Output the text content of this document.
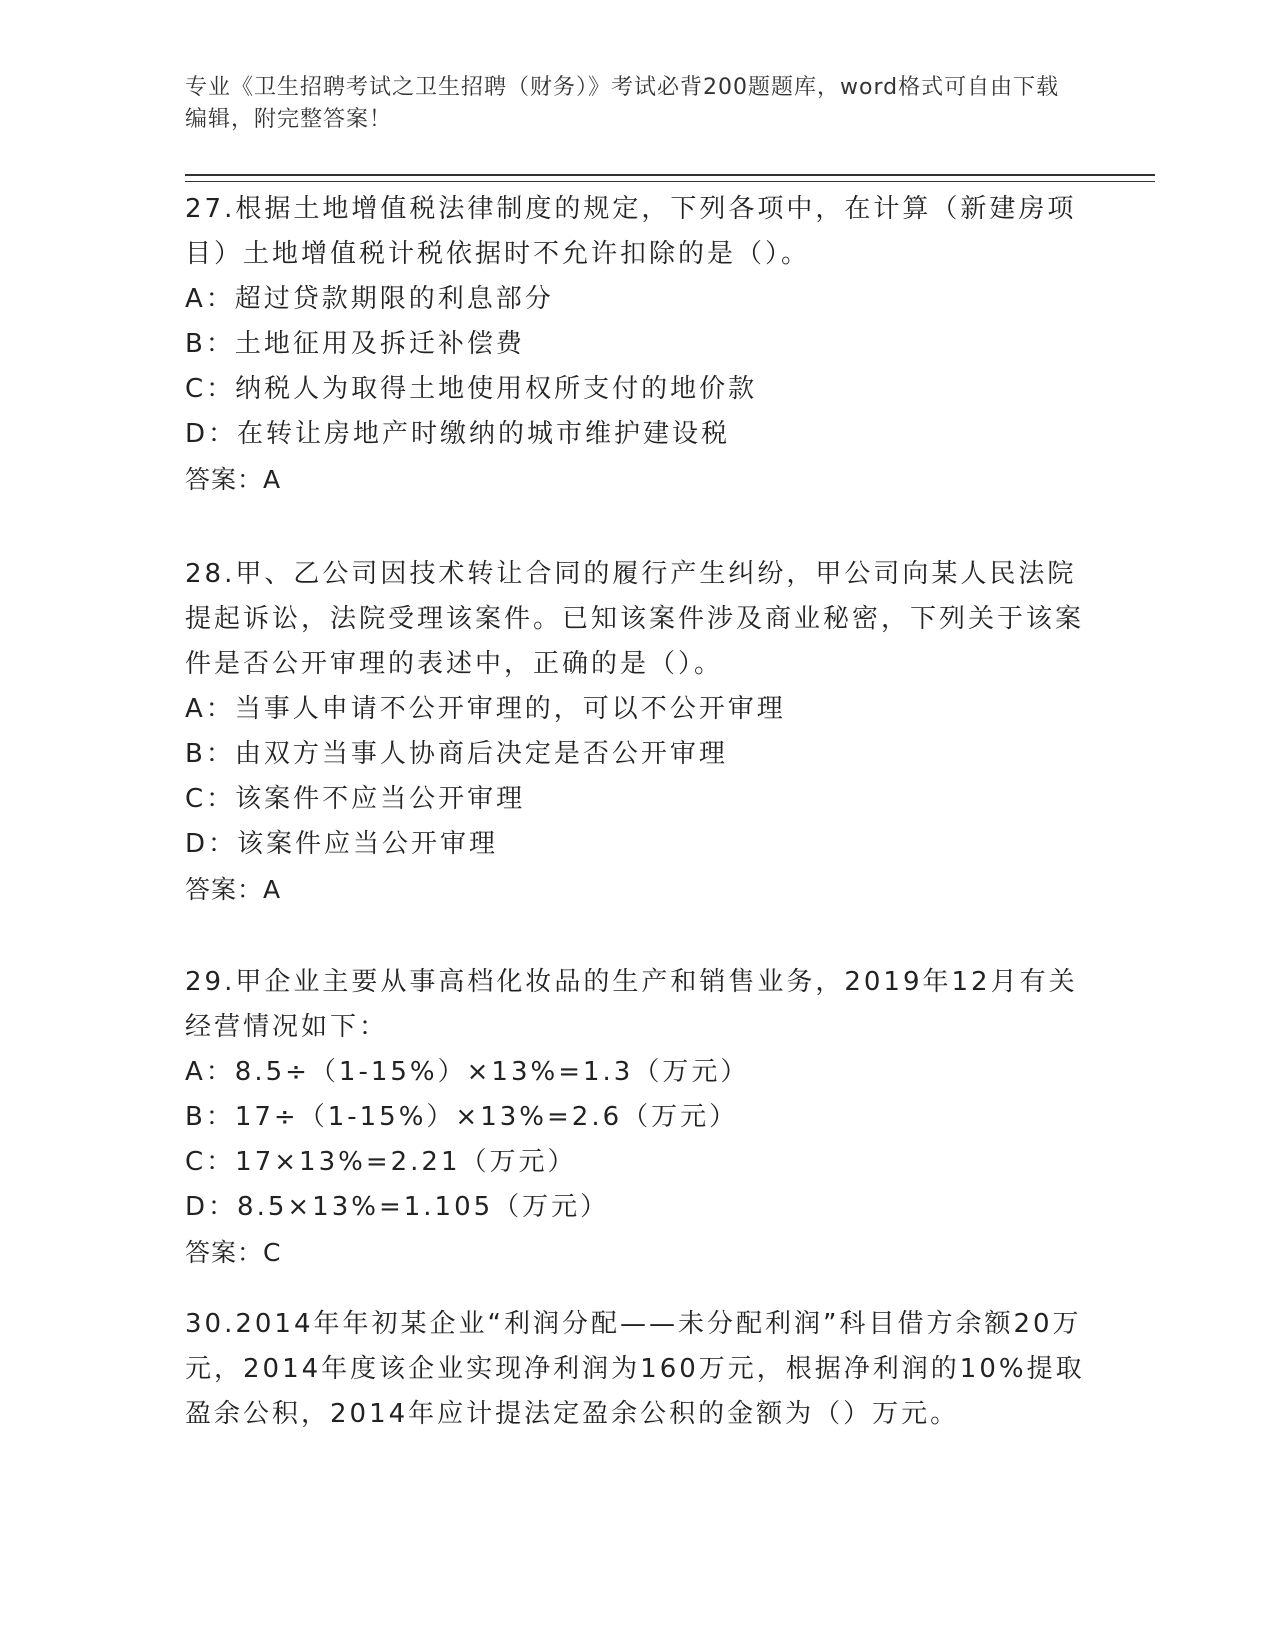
专业《卫生招聘考试之卫生招聘（财务）》考试必背200题题库，word格式可自由下载编辑，附完整答案！

27.根据土地增值税法律制度的规定，下列各项中，在计算（新建房项目）土地增值税计税依据时不允许扣除的是（）。

A：超过贷款期限的利息部分

B：土地征用及拆迁补偿费

C：纳税人为取得土地使用权所支付的地价款

D：在转让房地产时缴纳的城市维护建设税

答案：A

28.甲、乙公司因技术转让合同的履行产生纠纷，甲公司向某人民法院提起诉讼，法院受理该案件。已知该案件涉及商业秘密，下列关于该案件是否公开审理的表述中，正确的是（）。

A：当事人申请不公开审理的，可以不公开审理

B：由双方当事人协商后决定是否公开审理

C：该案件不应当公开审理

D：该案件应当公开审理

答案：A

29.甲企业主要从事高档化妆品的生产和销售业务，2019年12月有关经营情况如下：

A：8.5÷（1-15%）×13%=1.3（万元）

B：17÷（1-15%）×13%=2.6（万元）

C：17×13%=2.21（万元）

D：8.5×13%=1.105（万元）

答案：C

30.2014年年初某企业“利润分配——未分配利润”科目借方余额20万元，2014年度该企业实现净利润为160万元，根据净利润的10%提取盈余公积，2014年应计提法定盈余公积的金额为（）万元。
